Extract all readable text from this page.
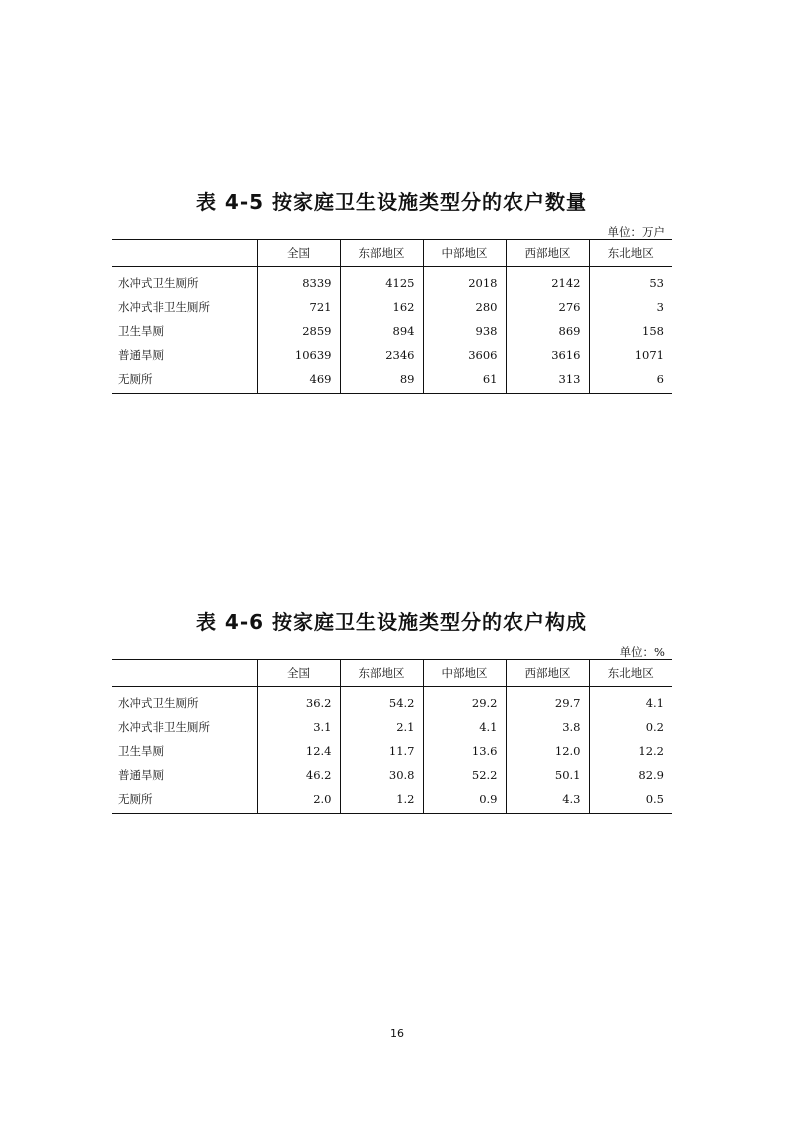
表 4-5 按家庭卫生设施类型分的农户数量
单位：万户
	全国	东部地区	中部地区	西部地区	东北地区
水冲式卫生厕所	8339	4125	2018	2142	53
水冲式非卫生厕所	721	162	280	276	3
卫生旱厕	2859	894	938	869	158
普通旱厕	10639	2346	3606	3616	1071
无厕所	469	89	61	313	6
表 4-6 按家庭卫生设施类型分的农户构成
单位：%
	全国	东部地区	中部地区	西部地区	东北地区
水冲式卫生厕所	36.2	54.2	29.2	29.7	4.1
水冲式非卫生厕所	3.1	2.1	4.1	3.8	0.2
卫生旱厕	12.4	11.7	13.6	12.0	12.2
普通旱厕	46.2	30.8	52.2	50.1	82.9
无厕所	2.0	1.2	0.9	4.3	0.5
16
